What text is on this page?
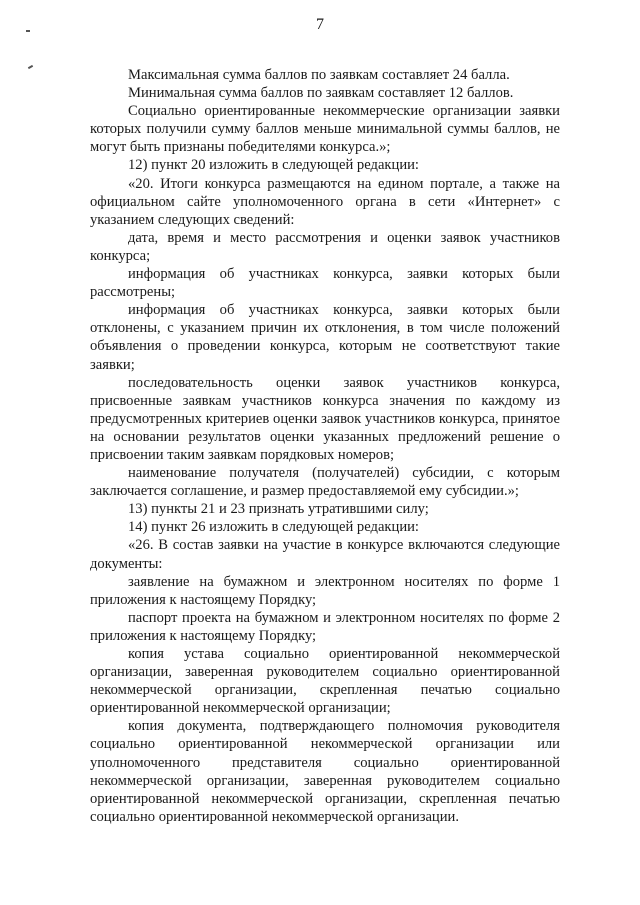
7

Максимальная сумма баллов по заявкам составляет 24 балла.

Минимальная сумма баллов по заявкам составляет 12 баллов.

Социально ориентированные некоммерческие организации заявки которых получили сумму баллов меньше минимальной суммы баллов, не могут быть признаны победителями конкурса.»;

12) пункт 20 изложить в следующей редакции:

«20. Итоги конкурса размещаются на едином портале, а также на официальном сайте уполномоченного органа в сети «Интернет» с указанием следующих сведений:

дата, время и место рассмотрения и оценки заявок участников конкурса;

информация об участниках конкурса, заявки которых были рассмотрены;

информация об участниках конкурса, заявки которых были отклонены, с указанием причин их отклонения, в том числе положений объявления о проведении конкурса, которым не соответствуют такие заявки;

последовательность оценки заявок участников конкурса, присвоенные заявкам участников конкурса значения по каждому из предусмотренных критериев оценки заявок участников конкурса, принятое на основании результатов оценки указанных предложений решение о присвоении таким заявкам порядковых номеров;

наименование получателя (получателей) субсидии, с которым заключается соглашение, и размер предоставляемой ему субсидии.»;

13) пункты 21 и 23 признать утратившими силу;

14) пункт 26 изложить в следующей редакции:

«26. В состав заявки на участие в конкурсе включаются следующие документы:

заявление на бумажном и электронном носителях по форме 1 приложения к настоящему Порядку;

паспорт проекта на бумажном и электронном носителях по форме 2 приложения к настоящему Порядку;

копия устава социально ориентированной некоммерческой организации, заверенная руководителем социально ориентированной некоммерческой организации, скрепленная печатью социально ориентированной некоммерческой организации;

копия документа, подтверждающего полномочия руководителя социально ориентированной некоммерческой организации или уполномоченного представителя социально ориентированной некоммерческой организации, заверенная руководителем социально ориентированной некоммерческой организации, скрепленная печатью социально ориентированной некоммерческой организации.
